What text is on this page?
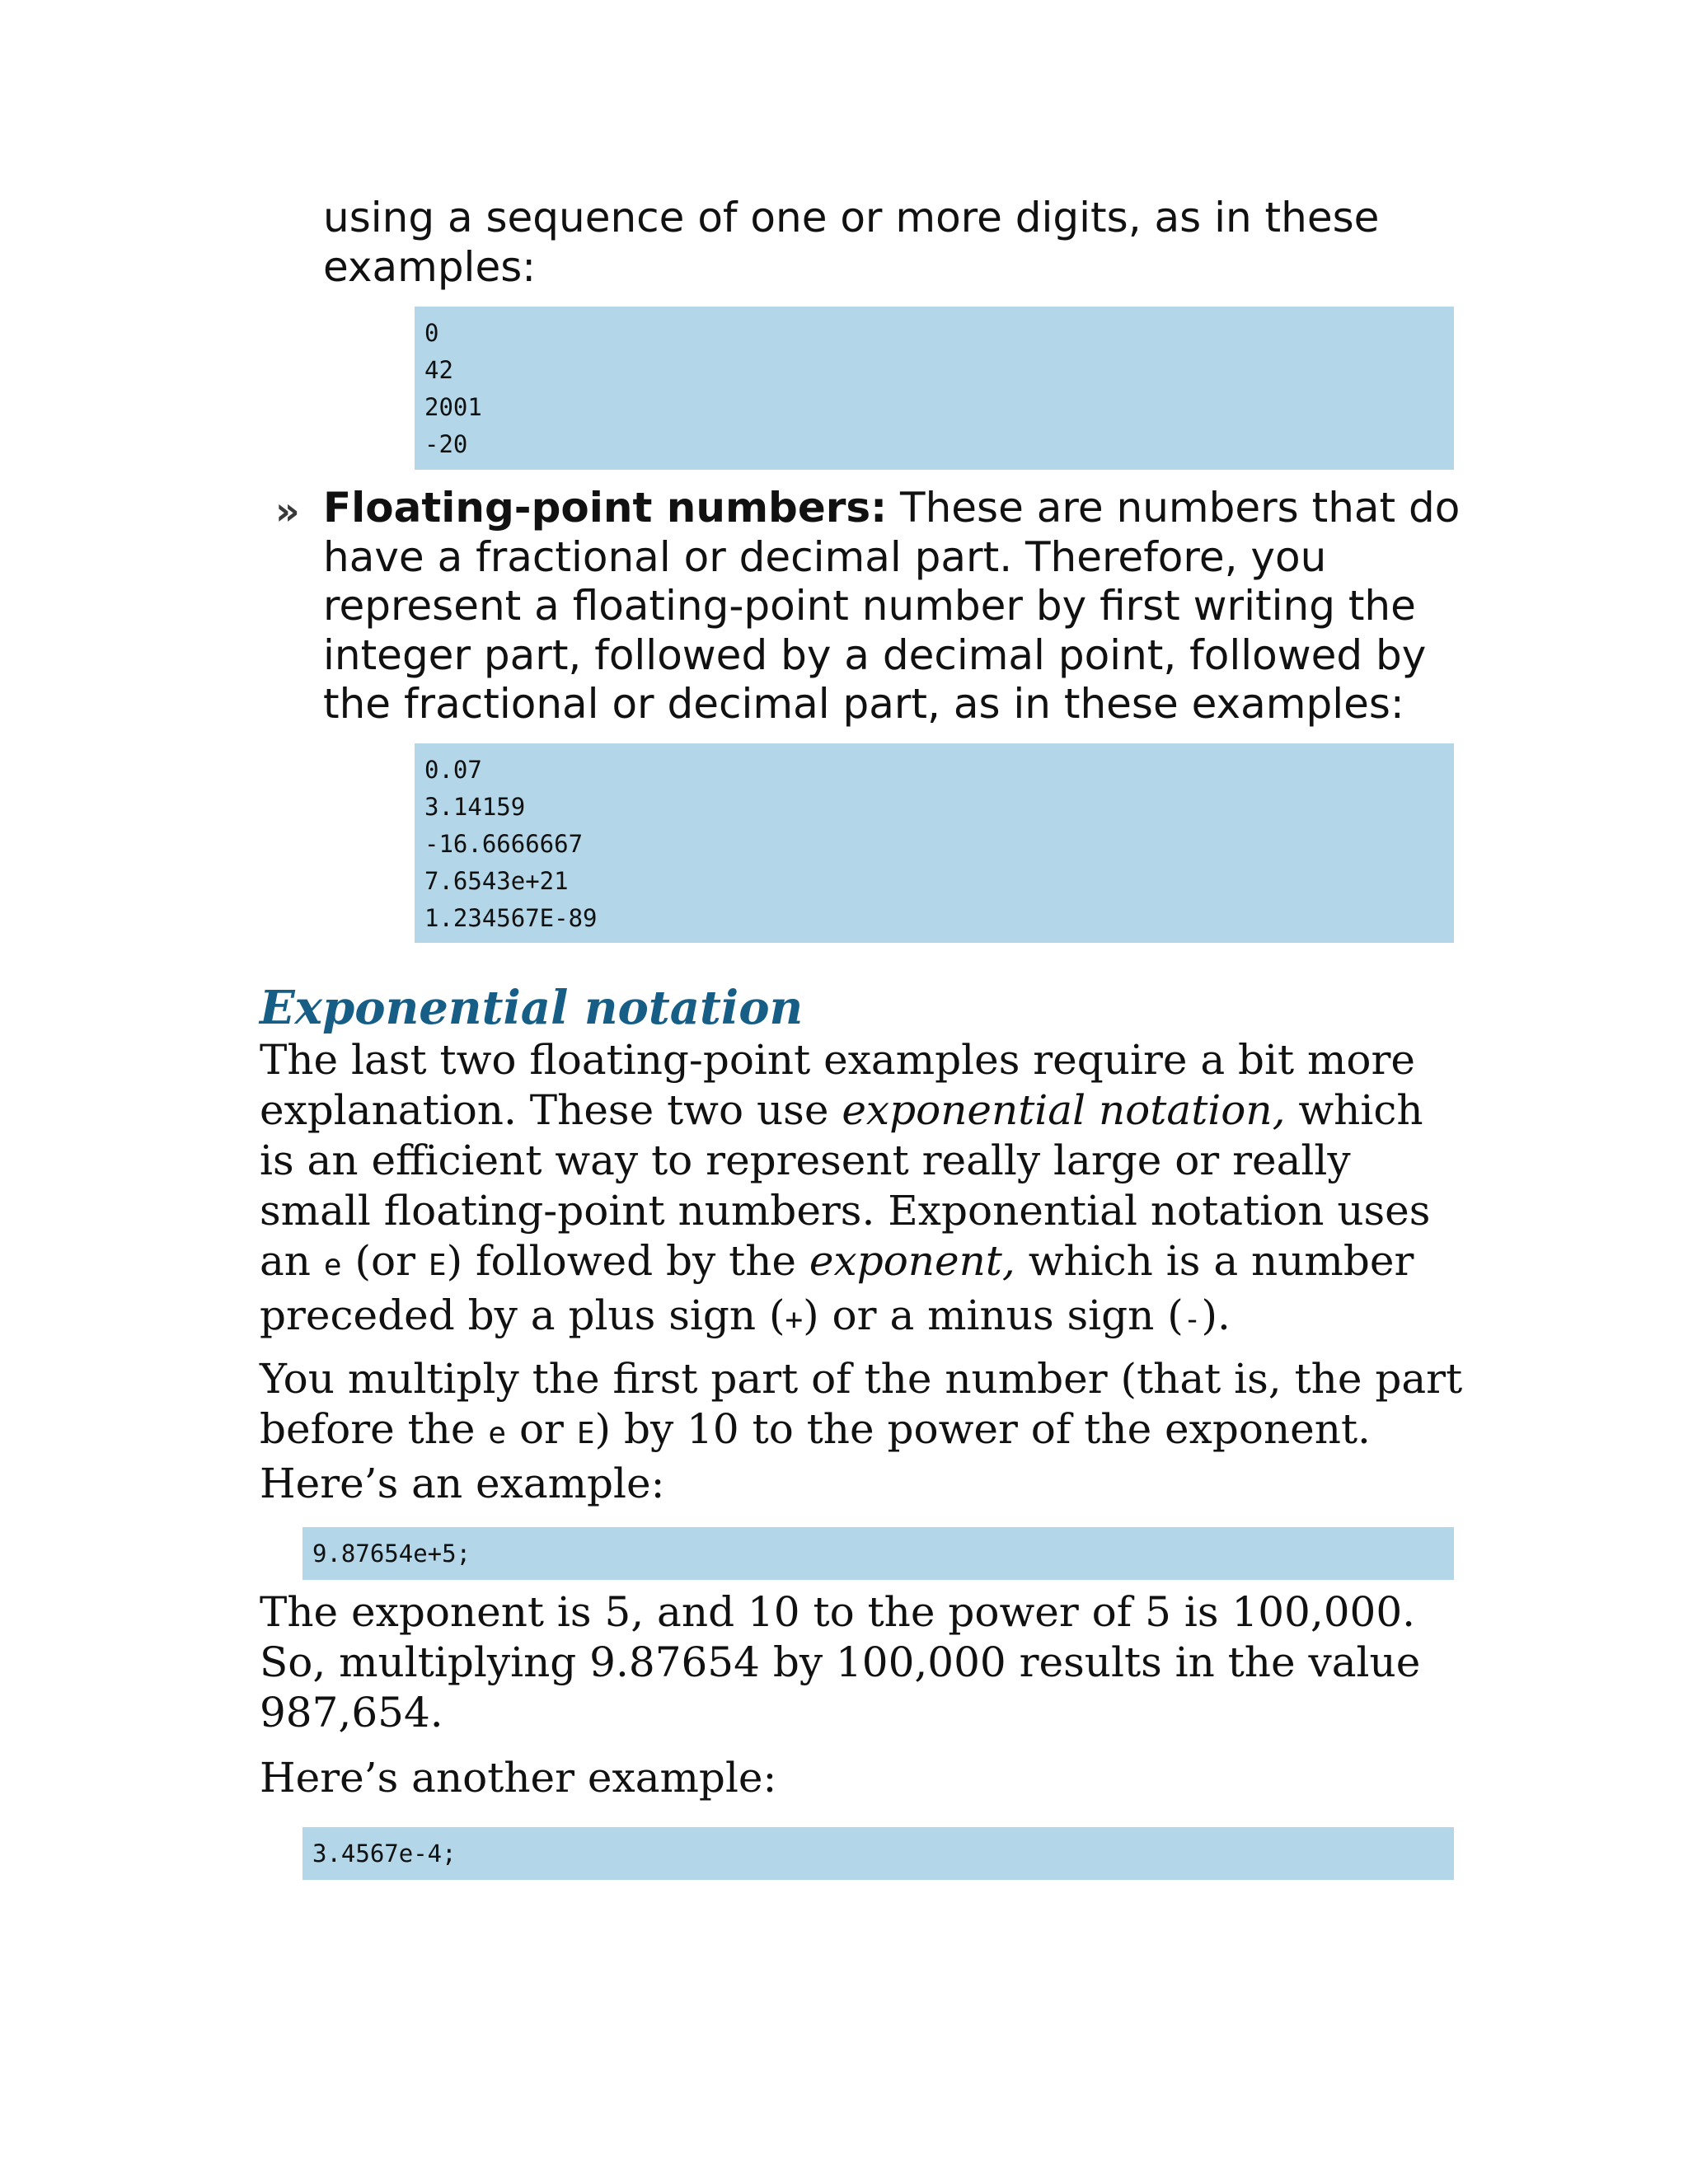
using a sequence of one or more digits, as in these examples:
0
42
2001
-20
» Floating-point numbers: These are numbers that do have a fractional or decimal part. Therefore, you represent a floating-point number by first writing the integer part, followed by a decimal point, followed by the fractional or decimal part, as in these examples:
0.07
3.14159
-16.6666667
7.6543e+21
1.234567E-89
Exponential notation

The last two floating-point examples require a bit more explanation. These two use exponential notation, which is an efficient way to represent really large or really small floating-point numbers. Exponential notation uses an e (or E) followed by the exponent, which is a number preceded by a plus sign (+) or a minus sign (-).

You multiply the first part of the number (that is, the part before the e or E) by 10 to the power of the exponent. Here’s an example:

9.87654e+5;

The exponent is 5, and 10 to the power of 5 is 100,000. So, multiplying 9.87654 by 100,000 results in the value 987,654.

Here’s another example:

3.4567e-4;
